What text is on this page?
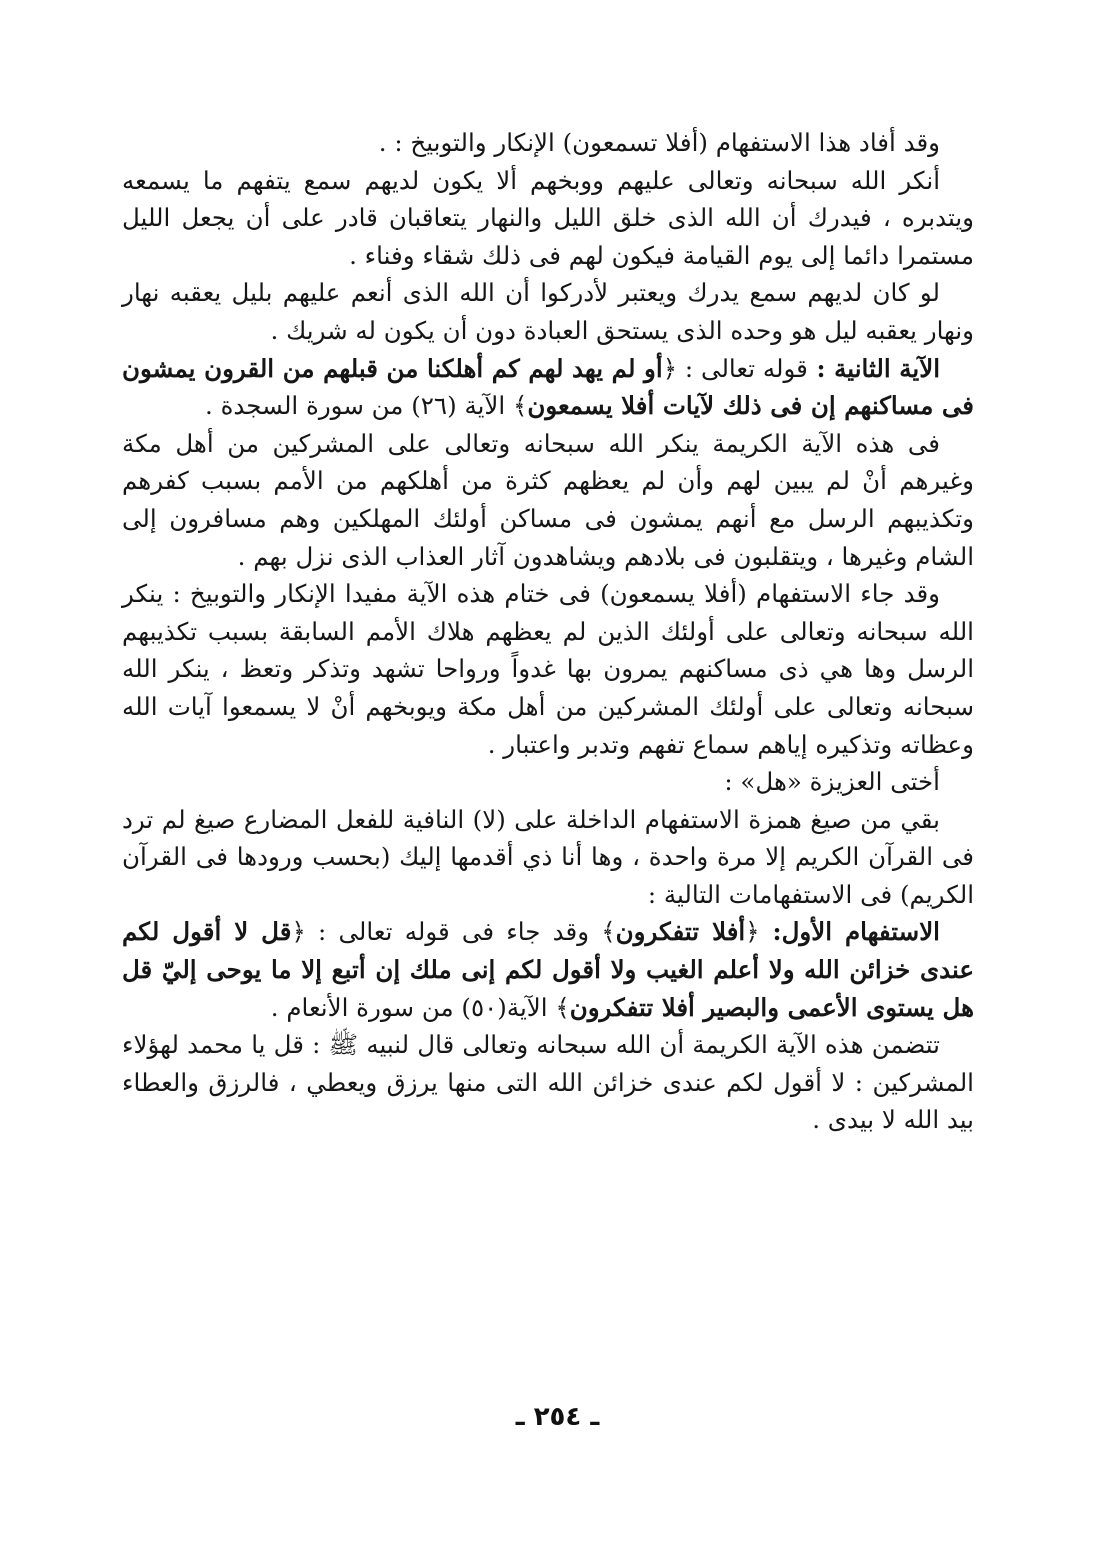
وقد أفاد هذا الاستفهام (أفلا تسمعون) الإنكار والتوبيخ : .

أنكر الله سبحانه وتعالى عليهم ووبخهم ألا يكون لديهم سمع يتفهم ما يسمعه ويتدبره ، فيدرك أن الله الذى خلق الليل والنهار يتعاقبان قادر على أن يجعل الليل مستمرا دائما إلى يوم القيامة فيكون لهم فى ذلك شقاء وفناء .

لو كان لديهم سمع يدرك ويعتبر لأدركوا أن الله الذى أنعم عليهم بليل يعقبه نهار ونهار يعقبه ليل هو وحده الذى يستحق العبادة دون أن يكون له شريك .

الآية الثانية : قوله تعالى : ﴿أو لم يهد لهم كم أهلكنا من قبلهم من القرون يمشون فى مساكنهم إن فى ذلك لآيات أفلا يسمعون﴾ الآية (٢٦) من سورة السجدة .

فى هذه الآية الكريمة ينكر الله سبحانه وتعالى على المشركين من أهل مكة وغيرهم أنْ لم يبين لهم وأن لم يعظهم كثرة من أهلكهم من الأمم بسبب كفرهم وتكذيبهم الرسل مع أنهم يمشون فى مساكن أولئك المهلكين وهم مسافرون إلى الشام وغيرها ، ويتقلبون فى بلادهم ويشاهدون آثار العذاب الذى نزل بهم .

وقد جاء الاستفهام (أفلا يسمعون) فى ختام هذه الآية مفيدا الإنكار والتوبيخ : ينكر الله سبحانه وتعالى على أولئك الذين لم يعظهم هلاك الأمم السابقة بسبب تكذيبهم الرسل وها هي ذى مساكنهم يمرون بها غدواً ورواحا تشهد وتذكر وتعظ ، ينكر الله سبحانه وتعالى على أولئك المشركين من أهل مكة ويوبخهم أنْ لا يسمعوا آيات الله وعظاته وتذكيره إياهم سماع تفهم وتدبر واعتبار .

أختى العزيزة «هل» :

بقي من صيغ همزة الاستفهام الداخلة على (لا) النافية للفعل المضارع صيغ لم ترد فى القرآن الكريم إلا مرة واحدة ، وها أنا ذي أقدمها إليك (بحسب ورودها فى القرآن الكريم) فى الاستفهامات التالية :

الاستفهام الأول: ﴿أفلا تتفكرون﴾ وقد جاء فى قوله تعالى : ﴿قل لا أقول لكم عندى خزائن الله ولا أعلم الغيب ولا أقول لكم إنى ملك إن أتبع إلا ما يوحى إليّ قل هل يستوى الأعمى والبصير أفلا تتفكرون﴾ الآية(٥٠) من سورة الأنعام .

تتضمن هذه الآية الكريمة أن الله سبحانه وتعالى قال لنبيه ﷺ : قل يا محمد لهؤلاء المشركين : لا أقول لكم عندى خزائن الله التى منها يرزق ويعطي ، فالرزق والعطاء بيد الله لا بيدى .

ـ ٢٥٤ ـ
